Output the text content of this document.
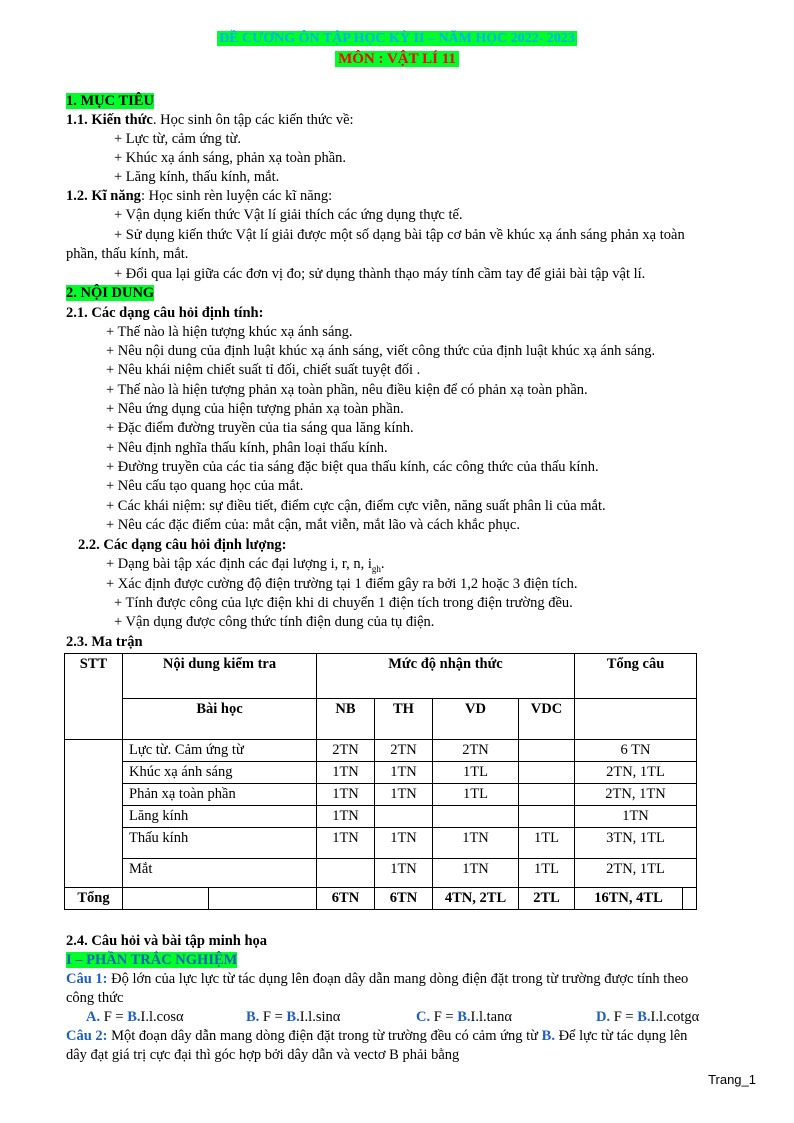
ĐỀ CƯƠNG ÔN TẬP HỌC KỲ II – NĂM HỌC 2022- 2023
MÔN : VẬT LÍ 11
1. MỤC TIÊU
1.1. Kiến thức. Học sinh ôn tập các kiến thức về:
+ Lực từ, cảm ứng từ.
+ Khúc xạ ánh sáng, phản xạ toàn phần.
+ Lăng kính, thấu kính, mắt.
1.2. Kĩ năng: Học sinh rèn luyện các kĩ năng:
+ Vận dụng kiến thức Vật lí giải thích các ứng dụng thực tế.
+ Sử dụng kiến thức Vật lí giải được một số dạng bài tập cơ bản về khúc xạ ánh sáng phản xạ toàn
phần, thấu kính, mắt.
+ Đổi qua lại giữa các đơn vị đo; sử dụng thành thạo máy tính cầm tay để giải bài tập vật lí.
2. NỘI DUNG
2.1. Các dạng câu hỏi định tính:
+ Thế nào là hiện tượng khúc xạ ánh sáng.
+ Nêu nội dung của định luật khúc xạ ánh sáng, viết công thức của định luật khúc xạ ánh sáng.
+ Nêu khái niệm chiết suất tỉ đối, chiết suất tuyệt đối .
+ Thế nào là hiện tượng phản xạ toàn phần, nêu điều kiện để có phản xạ toàn phần.
+ Nêu ứng dụng của hiện tượng phản xạ toàn phần.
+ Đặc điểm đường truyền của tia sáng qua lăng kính.
+ Nêu định nghĩa thấu kính, phân loại thấu kính.
+ Đường truyền của các tia sáng đặc biệt qua thấu kính, các công thức của thấu kính.
+ Nêu cấu tạo quang học của mắt.
+ Các khái niệm: sự điều tiết, điểm cực cận, điểm cực viễn, năng suất phân li của mắt.
+ Nêu các đặc điểm của: mắt cận, mắt viễn, mắt lão và cách khắc phục.
2.2. Các dạng câu hỏi định lượng:
+ Dạng bài tập xác định các đại lượng i, r, n, $i_{gh}$.
+ Xác định được cường độ điện trường tại 1 điểm gây ra bởi 1,2 hoặc 3 điện tích.
+ Tính được công của lực điện khi di chuyển 1 điện tích trong điện trường đều.
+ Vận dụng được công thức tính điện dung của tụ điện.
2.3. Ma trận
STT	Nội dung kiểm tra		Mức độ nhận thức				Tổng câu	
	Bài học		NB	TH	VD	VDC		
	Lực từ. Cảm ứng từ		2TN	2TN	2TN		6 TN	
	Khúc xạ ánh sáng		1TN	1TN	1TL		2TN, 1TL	
	Phản xạ toàn phần		1TN	1TN	1TL		2TN, 1TN	
	Lăng kính		1TN				1TN	
	Thấu kính		1TN	1TN	1TN	1TL	3TN, 1TL	
	Mắt			1TN	1TN	1TL	2TN, 1TL	
Tổng			6TN	6TN	4TN, 2TL	2TL	16TN, 4TL	
2.4. Câu hỏi và bài tập minh họa
I – PHẦN TRẮC NGHIỆM
Câu 1: Độ lớn của lực lực từ tác dụng lên đoạn dây dẫn mang dòng điện đặt trong từ trường được tính theo
công thức
A. F = B.I.l.cosα	B. F = B.I.l.sinα	C. F = B.I.l.tanα	D. F = B.I.l.cotgα
Câu 2: Một đoạn dây dẫn mang dòng điện đặt trong từ trường đều có cảm ứng từ B. Để lực từ tác dụng lên
dây đạt giá trị cực đại thì góc hợp bởi dây dẫn và vectơ B phải bằng
Trang_1
